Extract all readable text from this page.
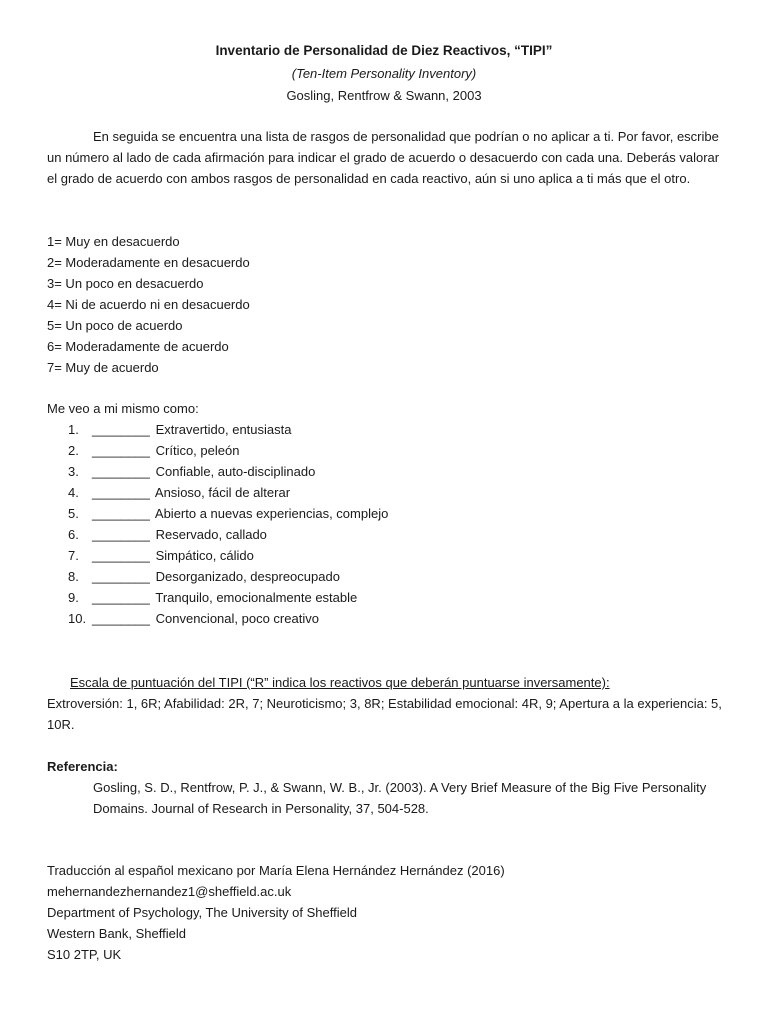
Inventario de Personalidad de Diez Reactivos, “TIPI”
(Ten-Item Personality Inventory)
Gosling, Rentfrow & Swann, 2003

En seguida se encuentra una lista de rasgos de personalidad que podrían o no aplicar a ti. Por favor, escribe un número al lado de cada afirmación para indicar el grado de acuerdo o desacuerdo con cada una. Deberás valorar el grado de acuerdo con ambos rasgos de personalidad en cada reactivo, aún si uno aplica a ti más que el otro.

1= Muy en desacuerdo
2= Moderadamente en desacuerdo
3= Un poco en desacuerdo
4= Ni de acuerdo ni en desacuerdo
5= Un poco de acuerdo
6= Moderadamente de acuerdo
7= Muy de acuerdo
Me veo a mi mismo como:
1. ________ Extravertido, entusiasta
2. ________ Crítico, peleón
3. ________ Confiable, auto-disciplinado
4. ________ Ansioso, fácil de alterar
5. ________ Abierto a nuevas experiencias, complejo
6. ________ Reservado, callado
7. ________ Simpático, cálido
8. ________ Desorganizado, despreocupado
9. ________ Tranquilo, emocionalmente estable
10. ________ Convencional, poco creativo
Escala de puntuación del TIPI (“R” indica los reactivos que deberán puntuarse inversamente):
Extroversión: 1, 6R; Afabilidad: 2R, 7; Neuroticismo; 3, 8R; Estabilidad emocional: 4R, 9; Apertura a la experiencia: 5, 10R.
Referencia:
Gosling, S. D., Rentfrow, P. J., & Swann, W. B., Jr. (2003). A Very Brief Measure of the Big Five Personality Domains. Journal of Research in Personality, 37, 504-528.
Traducción al español mexicano por María Elena Hernández Hernández (2016)
mehernandezhernandez1@sheffield.ac.uk
Department of Psychology, The University of Sheffield
Western Bank, Sheffield
S10 2TP, UK
